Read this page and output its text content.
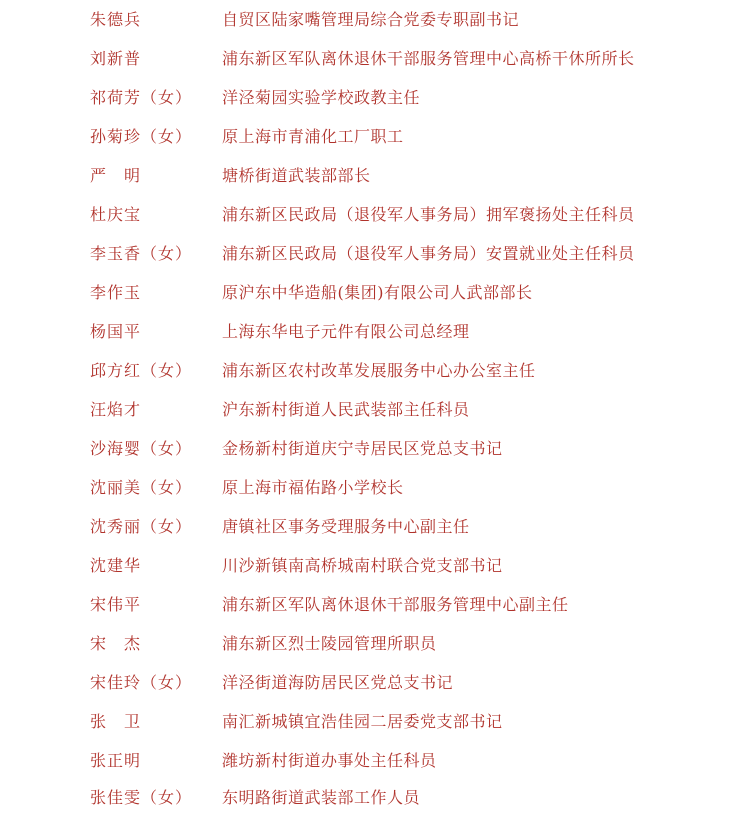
朱德兵	自贸区陆家嘴管理局综合党委专职副书记
刘新普	浦东新区军队离休退休干部服务管理中心高桥干休所所长
祁荷芳（女）	洋泾菊园实验学校政教主任
孙菊珍（女）	原上海市青浦化工厂职工
严　明	塘桥街道武装部部长
杜庆宝	浦东新区民政局（退役军人事务局）拥军褒扬处主任科员
李玉香（女）	浦东新区民政局（退役军人事务局）安置就业处主任科员
李作玉	原沪东中华造船(集团)有限公司人武部部长
杨国平	上海东华电子元件有限公司总经理
邱方红（女）	浦东新区农村改革发展服务中心办公室主任
汪焰才	沪东新村街道人民武装部主任科员
沙海婴（女）	金杨新村街道庆宁寺居民区党总支书记
沈丽美（女）	原上海市福佑路小学校长
沈秀丽（女）	唐镇社区事务受理服务中心副主任
沈建华	川沙新镇南高桥城南村联合党支部书记
宋伟平	浦东新区军队离休退休干部服务管理中心副主任
宋　杰	浦东新区烈士陵园管理所职员
宋佳玲（女）	洋泾街道海防居民区党总支书记
张　卫	南汇新城镇宜浩佳园二居委党支部书记
张正明	潍坊新村街道办事处主任科员
张佳雯（女）	东明路街道武装部工作人员
